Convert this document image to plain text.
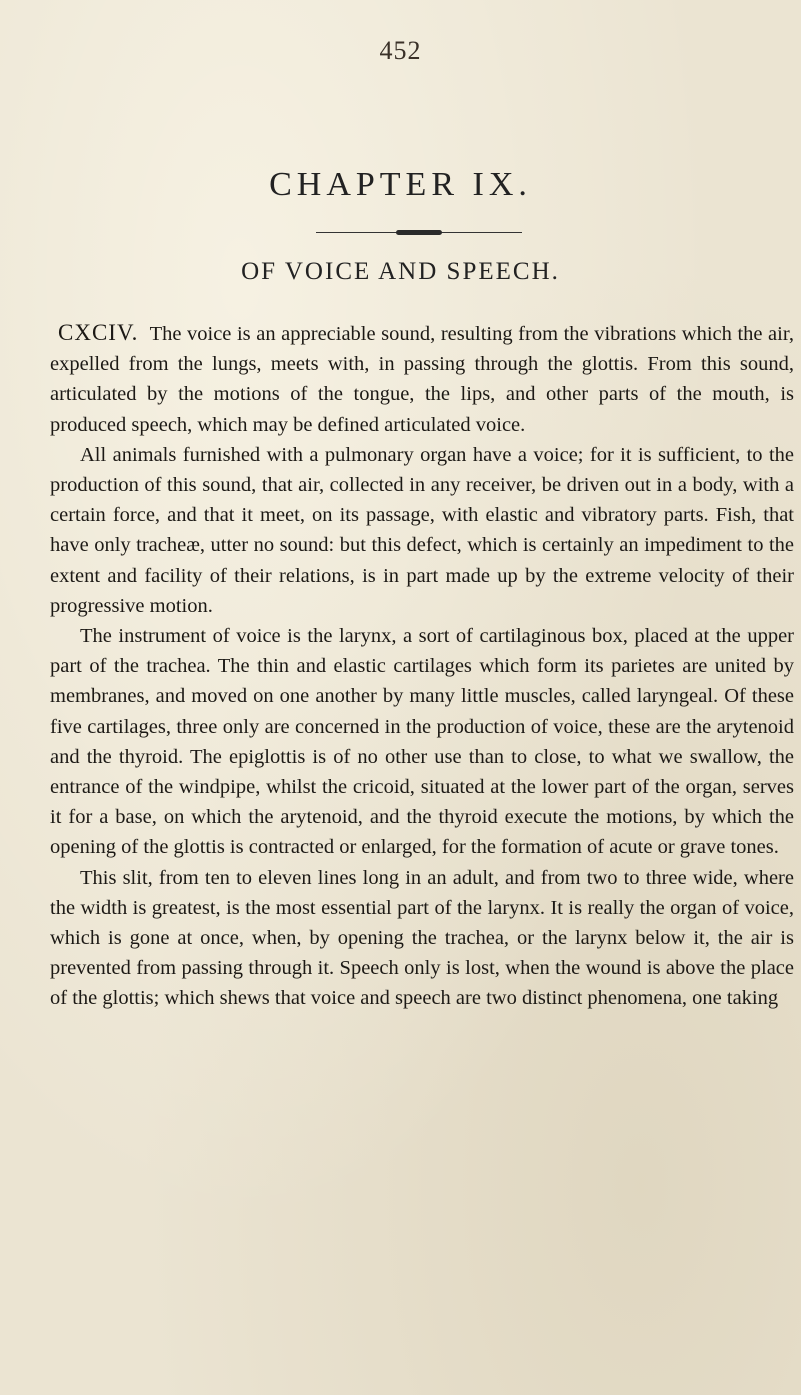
452
CHAPTER IX.
OF VOICE AND SPEECH.

CXCIV. The voice is an appreciable sound, resulting from the vibrations which the air, expelled from the lungs, meets with, in passing through the glottis. From this sound, articulated by the motions of the tongue, the lips, and other parts of the mouth, is produced speech, which may be defined articulated voice.

All animals furnished with a pulmonary organ have a voice; for it is sufficient, to the production of this sound, that air, collected in any receiver, be driven out in a body, with a certain force, and that it meet, on its passage, with elastic and vibratory parts. Fish, that have only tracheæ, utter no sound: but this defect, which is certainly an impediment to the extent and facility of their relations, is in part made up by the extreme velocity of their progressive motion.

The instrument of voice is the larynx, a sort of cartilaginous box, placed at the upper part of the trachea. The thin and elastic cartilages which form its parietes are united by membranes, and moved on one another by many little muscles, called laryngeal. Of these five cartilages, three only are concerned in the production of voice, these are the arytenoid and the thyroid. The epiglottis is of no other use than to close, to what we swallow, the entrance of the windpipe, whilst the cricoid, situated at the lower part of the organ, serves it for a base, on which the arytenoid, and the thyroid execute the motions, by which the opening of the glottis is contracted or enlarged, for the formation of acute or grave tones.

This slit, from ten to eleven lines long in an adult, and from two to three wide, where the width is greatest, is the most essential part of the larynx. It is really the organ of voice, which is gone at once, when, by opening the trachea, or the larynx below it, the air is prevented from passing through it. Speech only is lost, when the wound is above the place of the glottis; which shews that voice and speech are two distinct phenomena, one taking
